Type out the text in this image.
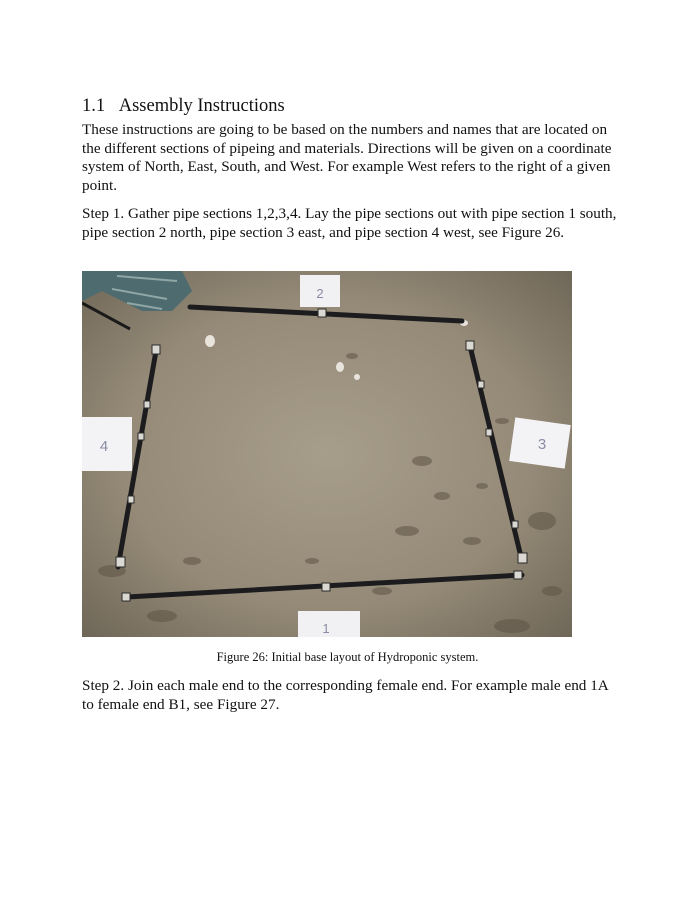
1.1 Assembly Instructions
These instructions are going to be based on the numbers and names that are located on the different sections of pipeing and materials. Directions will be given on a coordinate system of North, East, South, and West. For example West refers to the right of a given point.
Step 1. Gather pipe sections 1,2,3,4. Lay the pipe sections out with pipe section 1 south, pipe section 2 north, pipe section 3 east, and pipe section 4 west, see Figure 26.
2
4	3
1
Figure 26: Initial base layout of Hydroponic system.
Step 2. Join each male end to the corresponding female end. For example male end 1A to female end B1, see Figure 27.
